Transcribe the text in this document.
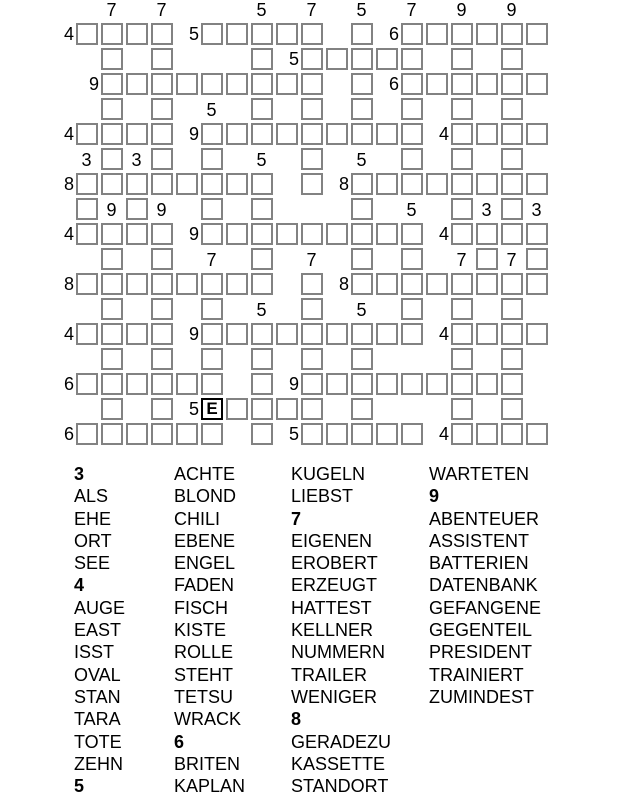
E
4	5	6
5
9	6
4	9	4
8	8
4	9	4
8	8
4	9	4
6	9
5
6	5	4
7	7	5	7	5	7	9	9
5
3	3	5	5
9	9	5	3	3
7	7	7	7
5	5
3
ALS
EHE
ORT
SEE
4
AUGE
EAST
ISST
OVAL
STAN
TARA
TOTE
ZEHN
5
ACHTE
BLOND
CHILI
EBENE
ENGEL
FADEN
FISCH
KISTE
ROLLE
STEHT
TETSU
WRACK
6
BRITEN
KAPLAN
KUGELN
LIEBST
7
EIGENEN
EROBERT
ERZEUGT
HATTEST
KELLNER
NUMMERN
TRAILER
WENIGER
8
GERADEZU
KASSETTE
STANDORT
WARTETEN
9
ABENTEUER
ASSISTENT
BATTERIEN
DATENBANK
GEFANGENE
GEGENTEIL
PRESIDENT
TRAINIERT
ZUMINDEST
